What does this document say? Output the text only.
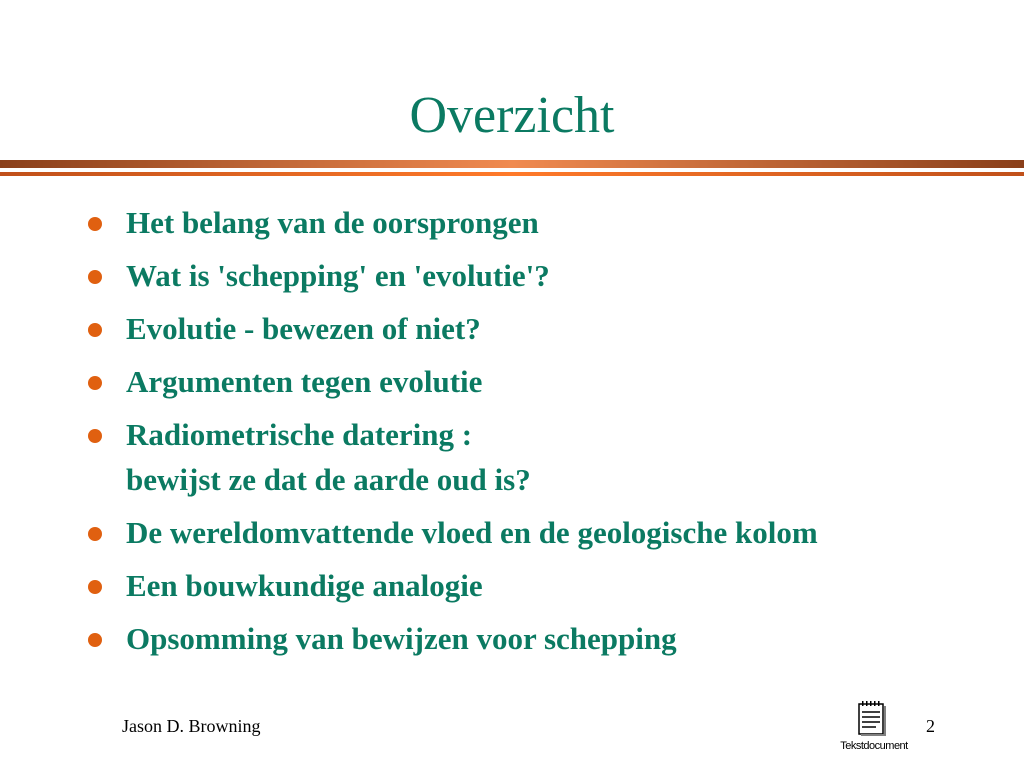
Overzicht
Het belang van de oorsprongen
Wat is 'schepping' en 'evolutie'?
Evolutie - bewezen of niet?
Argumenten tegen evolutie
Radiometrische datering :
bewijst ze dat de aarde oud is?
De wereldomvattende vloed en de geologische kolom
Een bouwkundige analogie
Opsomming van bewijzen voor schepping
Jason D. Browning
Tekstdocument
2
